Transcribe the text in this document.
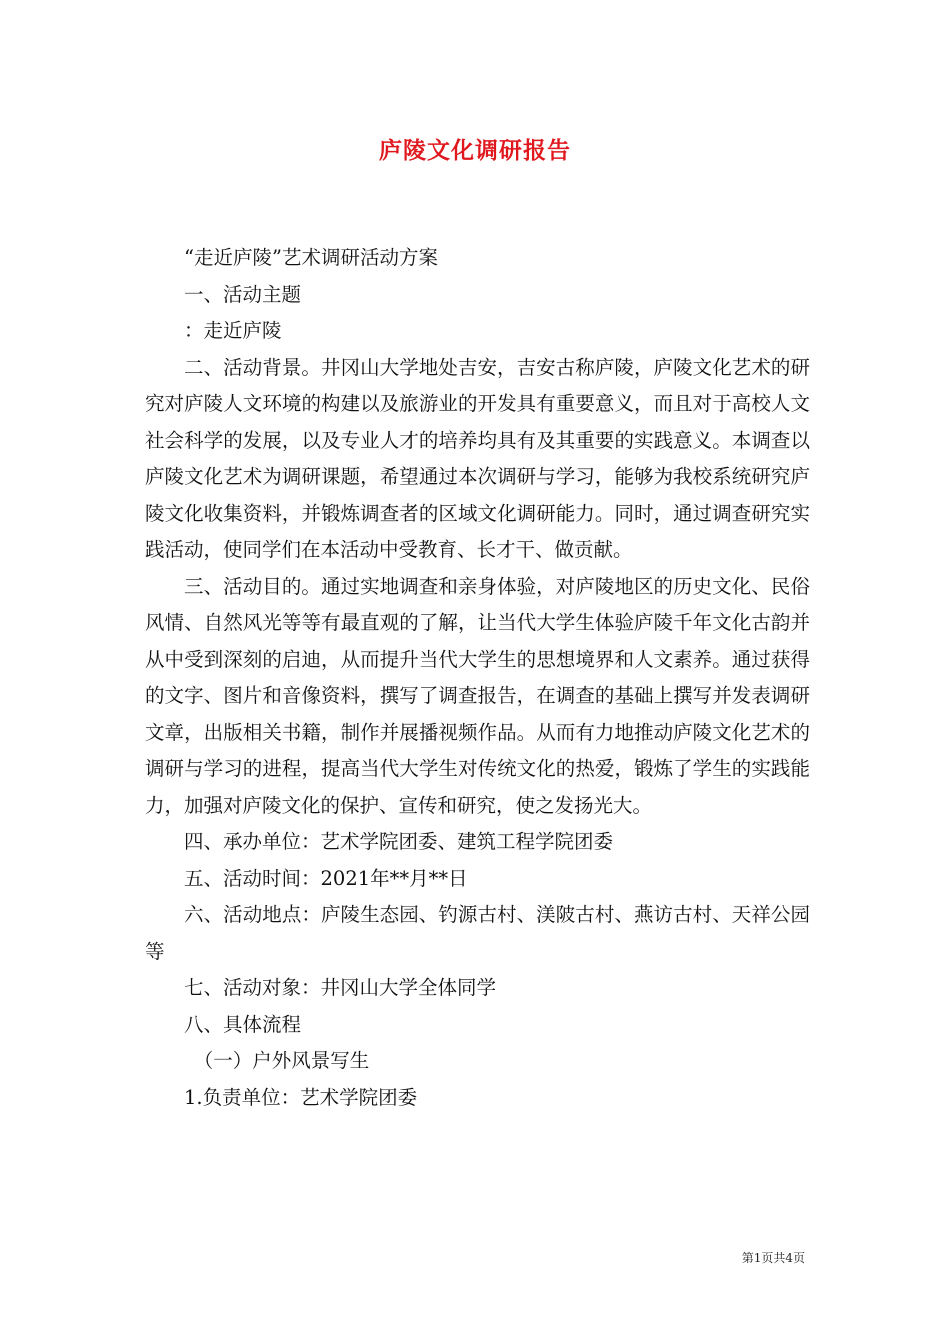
庐陵文化调研报告

“走近庐陵”艺术调研活动方案

一、活动主题

：走近庐陵

二、活动背景。井冈山大学地处吉安，吉安古称庐陵，庐陵文化艺术的研究对庐陵人文环境的构建以及旅游业的开发具有重要意义，而且对于高校人文社会科学的发展，以及专业人才的培养均具有及其重要的实践意义。本调查以庐陵文化艺术为调研课题，希望通过本次调研与学习，能够为我校系统研究庐陵文化收集资料，并锻炼调查者的区域文化调研能力。同时，通过调查研究实践活动，使同学们在本活动中受教育、长才干、做贡献。

三、活动目的。通过实地调查和亲身体验，对庐陵地区的历史文化、民俗风情、自然风光等等有最直观的了解，让当代大学生体验庐陵千年文化古韵并从中受到深刻的启迪，从而提升当代大学生的思想境界和人文素养。通过获得的文字、图片和音像资料，撰写了调查报告，在调查的基础上撰写并发表调研文章，出版相关书籍，制作并展播视频作品。从而有力地推动庐陵文化艺术的调研与学习的进程，提高当代大学生对传统文化的热爱，锻炼了学生的实践能力，加强对庐陵文化的保护、宣传和研究，使之发扬光大。

四、承办单位：艺术学院团委、建筑工程学院团委

五、活动时间：2021年**月**日

六、活动地点：庐陵生态园、钓源古村、渼陂古村、燕访古村、天祥公园等

七、活动对象：井冈山大学全体同学

八、具体流程

（一）户外风景写生

1.负责单位：艺术学院团委

第1页共4页
